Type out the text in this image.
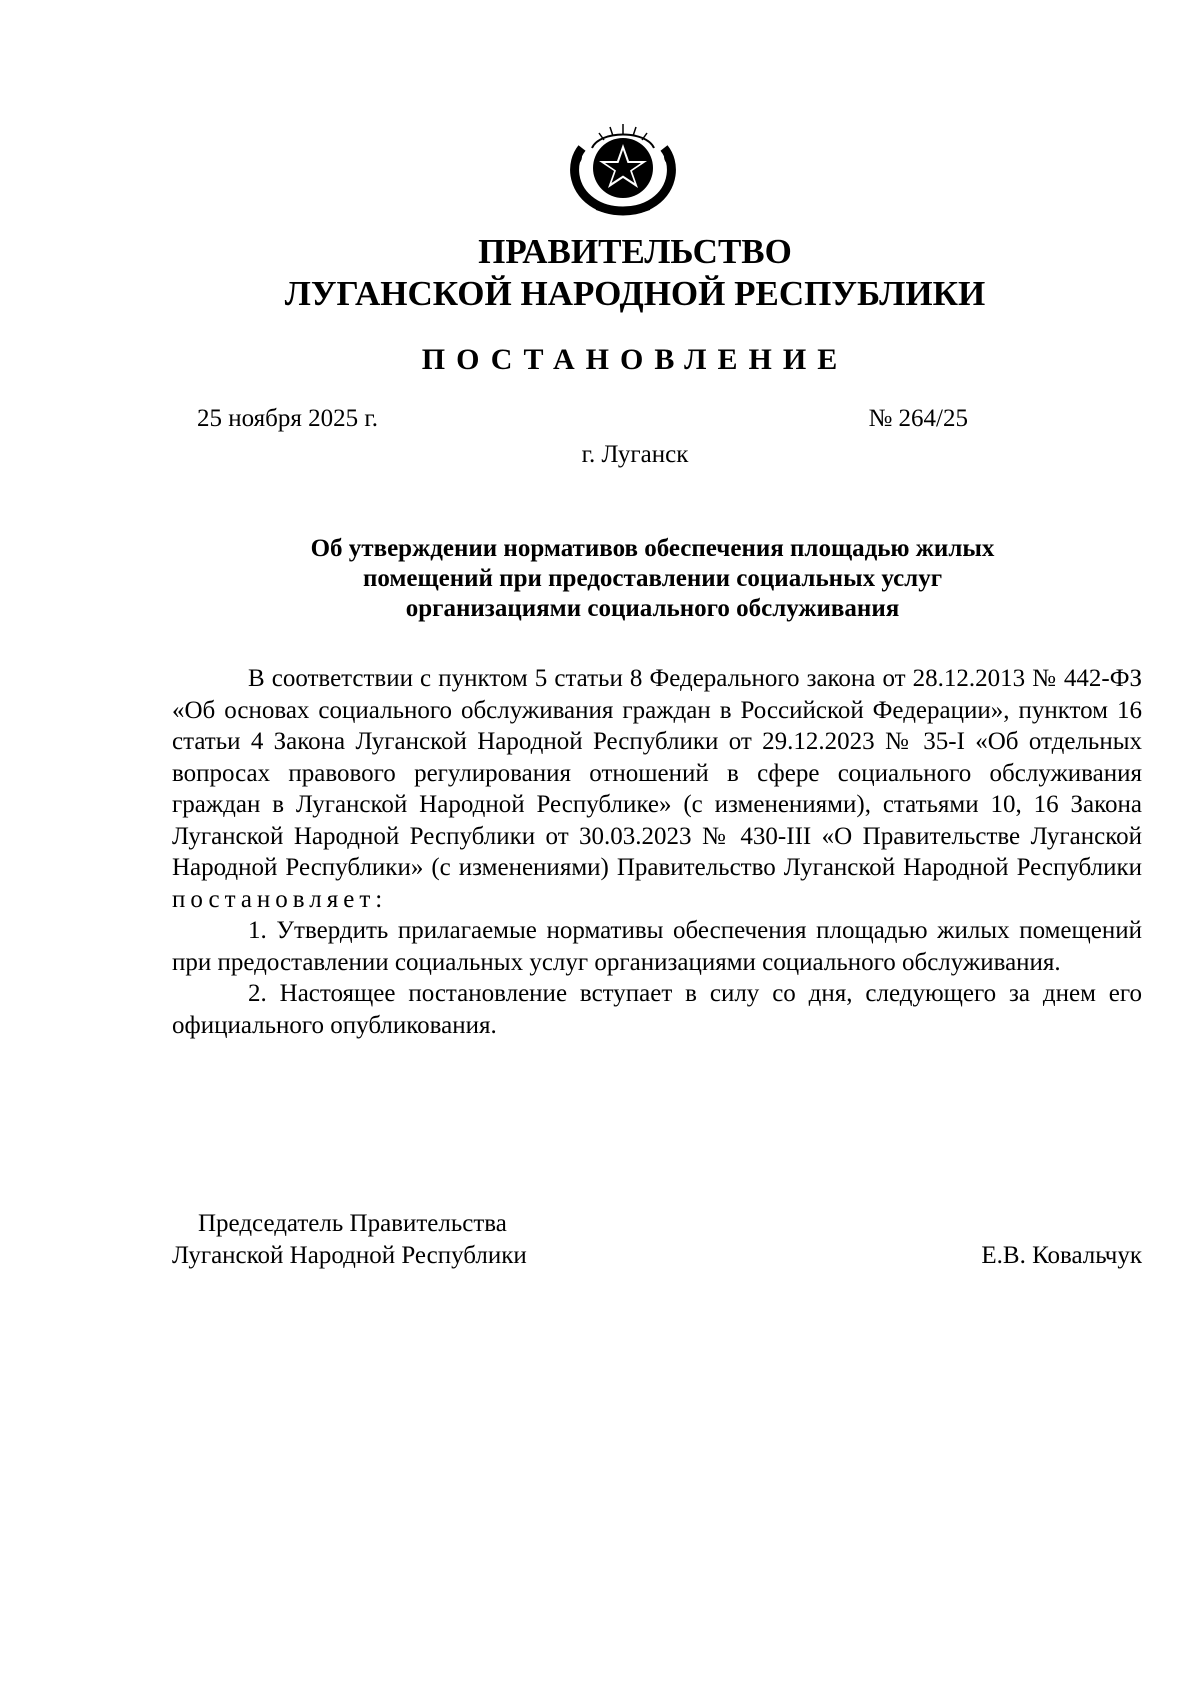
ПРАВИТЕЛЬСТВО
ЛУГАНСКОЙ НАРОДНОЙ РЕСПУБЛИКИ
ПОСТАНОВЛЕНИЕ
25 ноября 2025 г.	№ 264/25
г. Луганск
Об утверждении нормативов обеспечения площадью жилых
помещений при предоставлении социальных услуг
организациями социального обслуживания

В соответствии с пунктом 5 статьи 8 Федерального закона от 28.12.2013 № 442-ФЗ «Об основах социального обслуживания граждан в Российской Федерации», пунктом 16 статьи 4 Закона Луганской Народной Республики от 29.12.2023 № 35-I «Об отдельных вопросах правового регулирования отношений в сфере социального обслуживания граждан в Луганской Народной Республике» (с изменениями), статьями 10, 16 Закона Луганской Народной Республики от 30.03.2023 № 430-III «О Правительстве Луганской Народной Республики» (с изменениями) Правительство Луганской Народной Республики постановляет:

1. Утвердить прилагаемые нормативы обеспечения площадью жилых помещений при предоставлении социальных услуг организациями социального обслуживания.

2. Настоящее постановление вступает в силу со дня, следующего за днем его официального опубликования.

Председатель Правительства
Луганской Народной Республики	Е.В. Ковальчук
